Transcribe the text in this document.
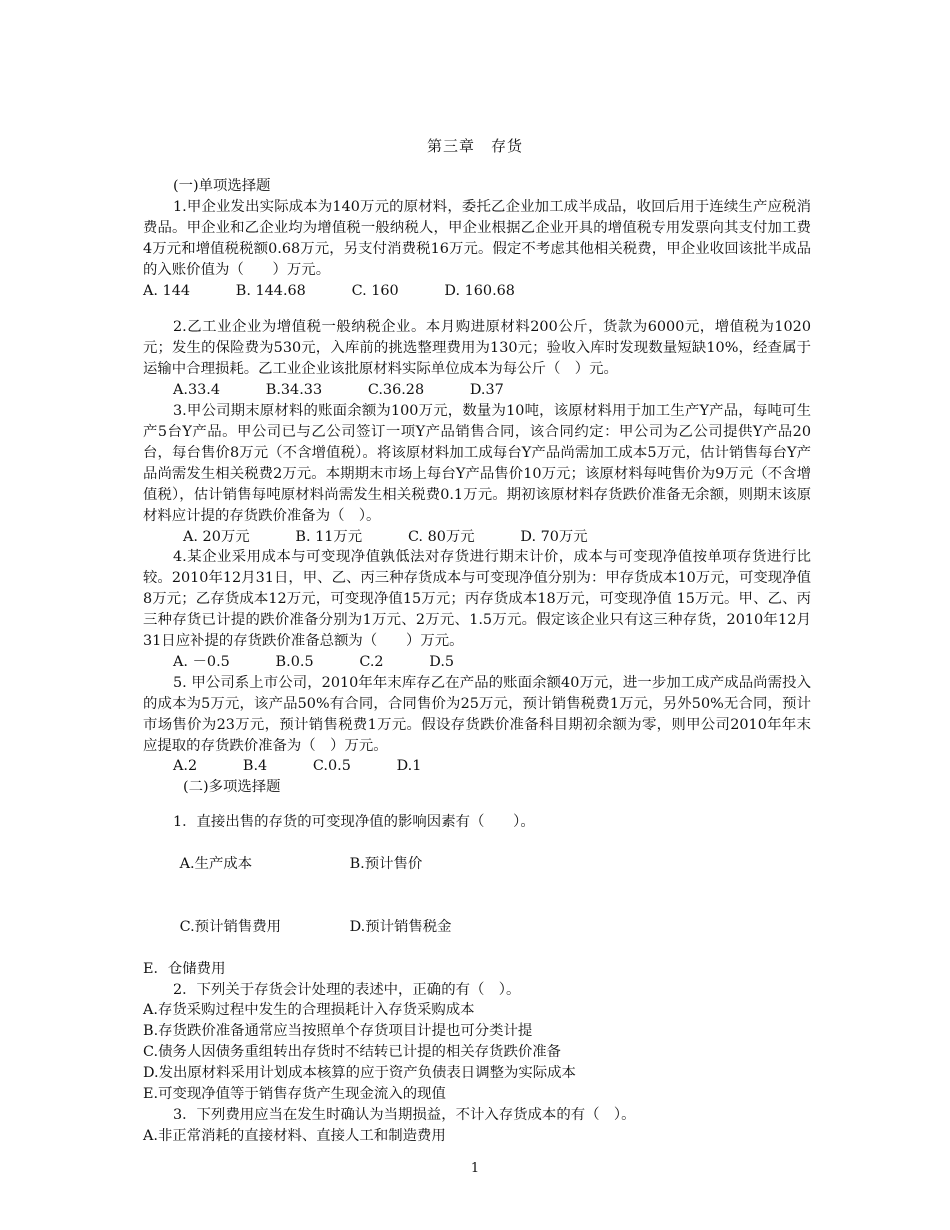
第三章　存货

(一)单项选择题

1.甲企业发出实际成本为140万元的原材料，委托乙企业加工成半成品，收回后用于连续生产应税消费品。甲企业和乙企业均为增值税一般纳税人，甲企业根据乙企业开具的增值税专用发票向其支付加工费4万元和增值税税额0.68万元，另支付消费税16万元。假定不考虑其他相关税费，甲企业收回该批半成品的入账价值为（　　）万元。

A. 144          B. 144.68          C. 160          D. 160.68

2.乙工业企业为增值税一般纳税企业。本月购进原材料200公斤，货款为6000元，增值税为1020元；发生的保险费为530元，入库前的挑选整理费用为130元；验收入库时发现数量短缺10%，经查属于运输中合理损耗。乙工业企业该批原材料实际单位成本为每公斤（　）元。

A.33.4          B.34.33          C.36.28          D.37

3.甲公司期末原材料的账面余额为100万元，数量为10吨，该原材料用于加工生产Y产品，每吨可生产5台Y产品。甲公司已与乙公司签订一项Y产品销售合同，该合同约定：甲公司为乙公司提供Y产品20台，每台售价8万元（不含增值税）。将该原材料加工成每台Y产品尚需加工成本5万元，估计销售每台Y产品尚需发生相关税费2万元。本期期末市场上每台Y产品售价10万元；该原材料每吨售价为9万元（不含增值税），估计销售每吨原材料尚需发生相关税费0.1万元。期初该原材料存货跌价准备无余额，则期末该原材料应计提的存货跌价准备为（　）。

A. 20万元          B. 11万元          C. 80万元          D. 70万元

4.某企业采用成本与可变现净值孰低法对存货进行期末计价，成本与可变现净值按单项存货进行比较。2010年12月31日，甲、乙、丙三种存货成本与可变现净值分别为：甲存货成本10万元，可变现净值8万元；乙存货成本12万元，可变现净值15万元；丙存货成本18万元，可变现净值 15万元。甲、乙、丙三种存货已计提的跌价准备分别为1万元、2万元、1.5万元。假定该企业只有这三种存货，2010年12月31日应补提的存货跌价准备总额为（　　）万元。

A. －0.5          B.0.5          C.2          D.5

5. 甲公司系上市公司，2010年年末库存乙在产品的账面余额40万元，进一步加工成产成品尚需投入的成本为5万元，该产品50%有合同，合同售价为25万元，预计销售税费1万元，另外50%无合同，预计市场售价为23万元，预计销售税费1万元。假设存货跌价准备科目期初余额为零，则甲公司2010年年末应提取的存货跌价准备为（　）万元。

A.2          B.4          C.0.5          D.1

(二)多项选择题

1．直接出售的存货的可变现净值的影响因素有（　　）。

A.生产成本	B.预计售价

C.预计销售费用	D.预计销售税金

E．仓储费用

2．下列关于存货会计处理的表述中，正确的有（　）。

A.存货采购过程中发生的合理损耗计入存货采购成本

B.存货跌价准备通常应当按照单个存货项目计提也可分类计提

C.债务人因债务重组转出存货时不结转已计提的相关存货跌价准备

D.发出原材料采用计划成本核算的应于资产负债表日调整为实际成本

E.可变现净值等于销售存货产生现金流入的现值

3．下列费用应当在发生时确认为当期损益，不计入存货成本的有（　）。

A.非正常消耗的直接材料、直接人工和制造费用

1
